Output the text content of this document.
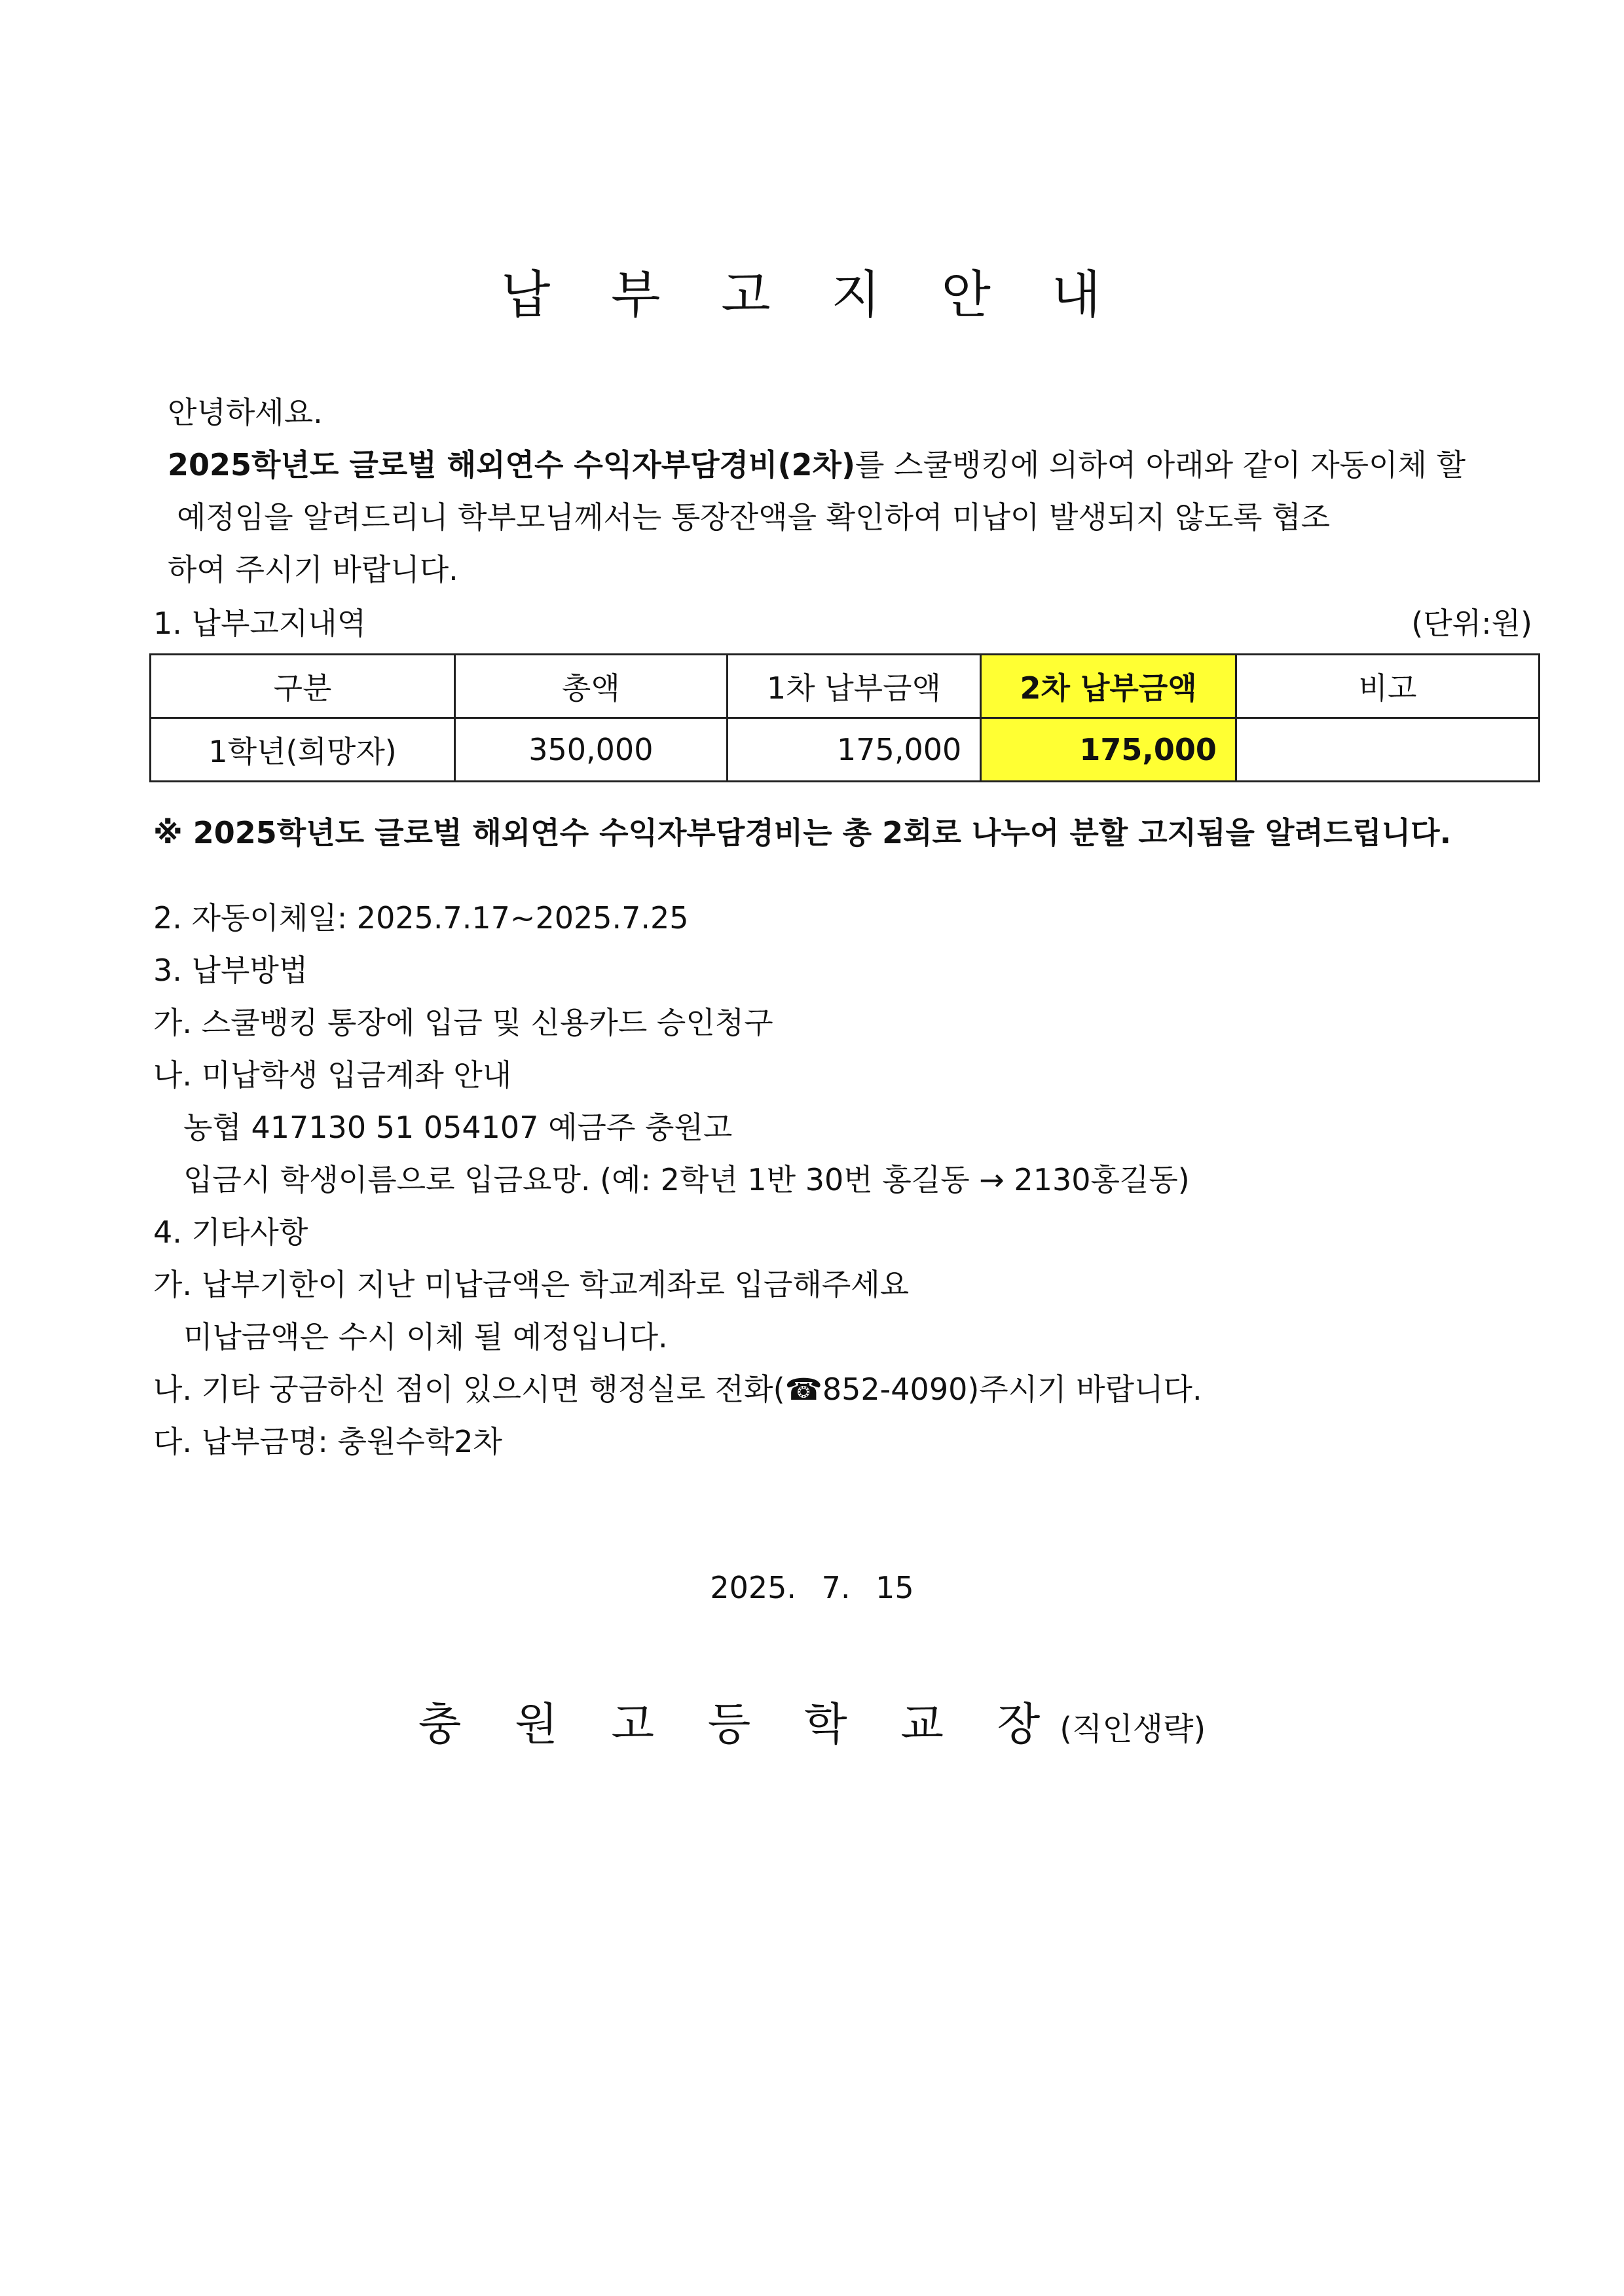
납 부 고 지 안 내
안녕하세요.
2025학년도 글로벌 해외연수 수익자부담경비(2차)를 스쿨뱅킹에 의하여 아래와 같이 자동이체 할
예정임을 알려드리니 학부모님께서는 통장잔액을 확인하여 미납이 발생되지 않도록 협조
하여 주시기 바랍니다.
1. 납부고지내역	(단위:원)
구분	총액	1차 납부금액	2차 납부금액	비고
1학년(희망자)	350,000	175,000	175,000	
※ 2025학년도 글로벌 해외연수 수익자부담경비는 총 2회로 나누어 분할 고지됨을 알려드립니다.
2. 자동이체일: 2025.7.17~2025.7.25
3. 납부방법
가. 스쿨뱅킹 통장에 입금 및 신용카드 승인청구
나. 미납학생 입금계좌 안내
농협 417130 51 054107 예금주 충원고
입금시 학생이름으로 입금요망. (예: 2학년 1반 30번 홍길동 → 2130홍길동)
4. 기타사항
가. 납부기한이 지난 미납금액은 학교계좌로 입금해주세요
미납금액은 수시 이체 될 예정입니다.
나. 기타 궁금하신 점이 있으시면 행정실로 전화(☎852-4090)주시기 바랍니다.
다. 납부금명: 충원수학2차
2025. 7. 15
충 원 고 등 학 교 장(직인생략)
